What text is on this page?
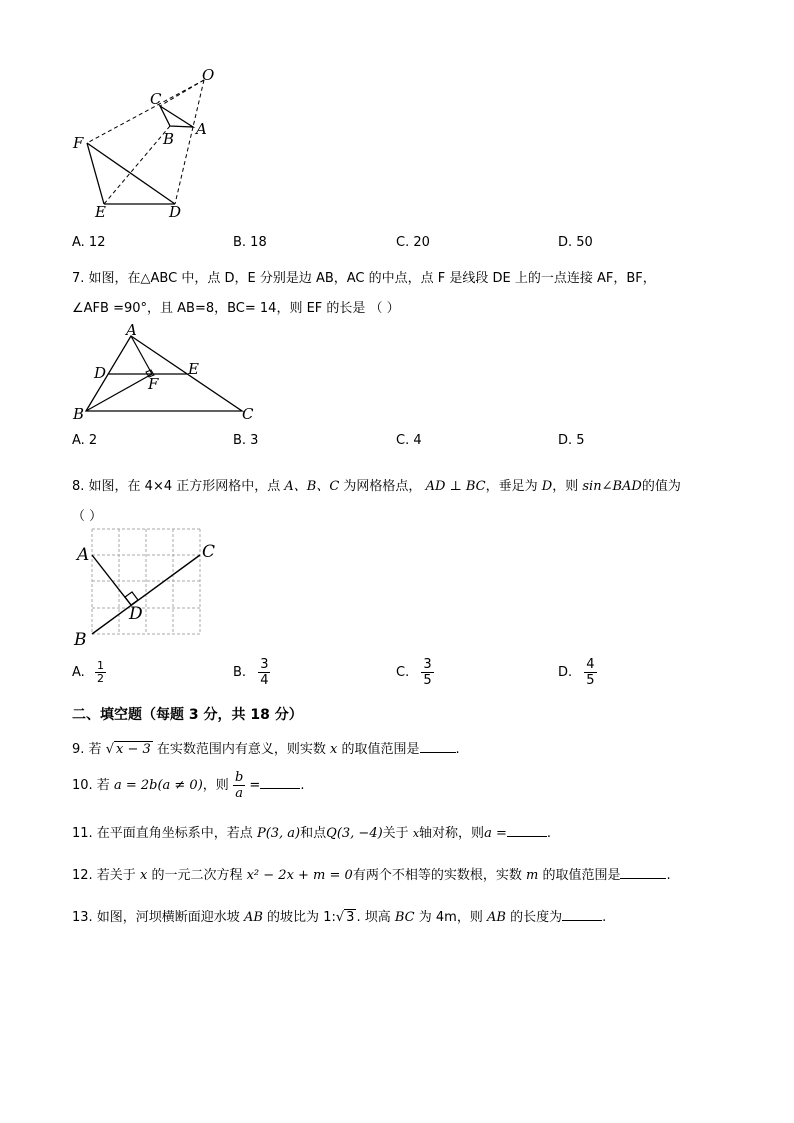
O
C
B
A
F
E	D
A. 12	B. 18	C. 20	D. 50
7. 如图，在△ABC 中，点 D，E 分别是边 AB，AC 的中点，点 F 是线段 DE 上的一点连接 AF，BF，
∠AFB =90°，且 AB=8，BC= 14，则 EF 的长是 （ ）
A
D	E
F
B	C
A. 2	B. 3	C. 4	D. 5
8. 如图，在 4×4 正方形网格中，点 A、B、C 为网格格点， AD ⊥ BC，垂足为 D，则 sin∠BAD的值为
（ ）
A	C
D
B
A. $\frac{1}{2}$	B. $\frac{3}{4}$	C. $\frac{3}{5}$	D. $\frac{4}{5}$
二、填空题（每题 3 分，共 18 分）
9. 若 √ x − 3 在实数范围内有意义，则实数 x 的取值范围是	.
10. 若 a = 2b(a ≠ 0)，则 $\frac{b}{a}$ =	.
11. 在平面直角坐标系中，若点 P(3, a)和点Q(3, −4)关于 x轴对称，则a =	.
12. 若关于 x 的一元二次方程 x² − 2x + m = 0有两个不相等的实数根，实数 m 的取值范围是	.
13. 如图，河坝横断面迎水坡 AB 的坡比为 1:√ 3 . 坝高 BC 为 4m，则 AB 的长度为	.
